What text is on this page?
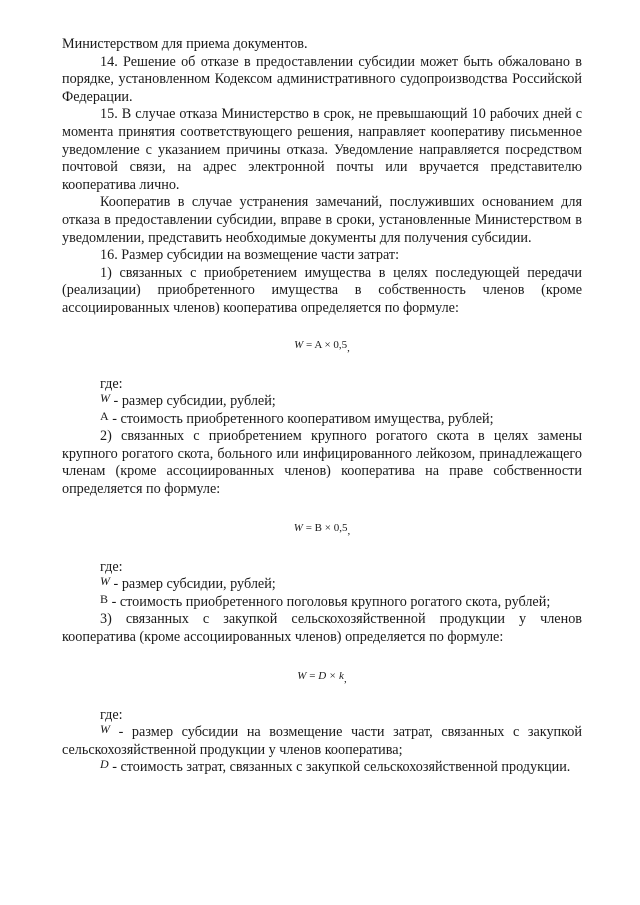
Министерством для приема документов.

14. Решение об отказе в предоставлении субсидии может быть обжаловано в порядке, установленном Кодексом административного судопроизводства Российской Федерации.

15. В случае отказа Министерство в срок, не превышающий 10 рабочих дней с момента принятия соответствующего решения, направляет кооперативу письменное уведомление с указанием причины отказа. Уведомление направляется посредством почтовой связи, на адрес электронной почты или вручается представителю кооператива лично.

Кооператив в случае устранения замечаний, послуживших основанием для отказа в предоставлении субсидии, вправе в сроки, установленные Министерством в уведомлении, представить необходимые документы для получения субсидии.

16. Размер субсидии на возмещение части затрат:

1) связанных с приобретением имущества в целях последующей передачи (реализации) приобретенного имущества в собственность членов (кроме ассоциированных членов) кооператива определяется по формуле:

W = A × 0,5,

где:

$^W$ - размер субсидии, рублей;

$^A$ - стоимость приобретенного кооперативом имущества, рублей;

2) связанных с приобретением крупного рогатого скота в целях замены крупного рогатого скота, больного или инфицированного лейкозом, принадлежащего членам (кроме ассоциированных членов) кооператива на праве собственности определяется по формуле:

W = B × 0,5,

где:

$^W$ - размер субсидии, рублей;

$^B$ - стоимость приобретенного поголовья крупного рогатого скота, рублей;

3) связанных с закупкой сельскохозяйственной продукции у членов кооператива (кроме ассоциированных членов) определяется по формуле:

W = D × k,

где:

$^W$ - размер субсидии на возмещение части затрат, связанных с закупкой сельскохозяйственной продукции у членов кооператива;

$^D$ - стоимость затрат, связанных с закупкой сельскохозяйственной продукции.
